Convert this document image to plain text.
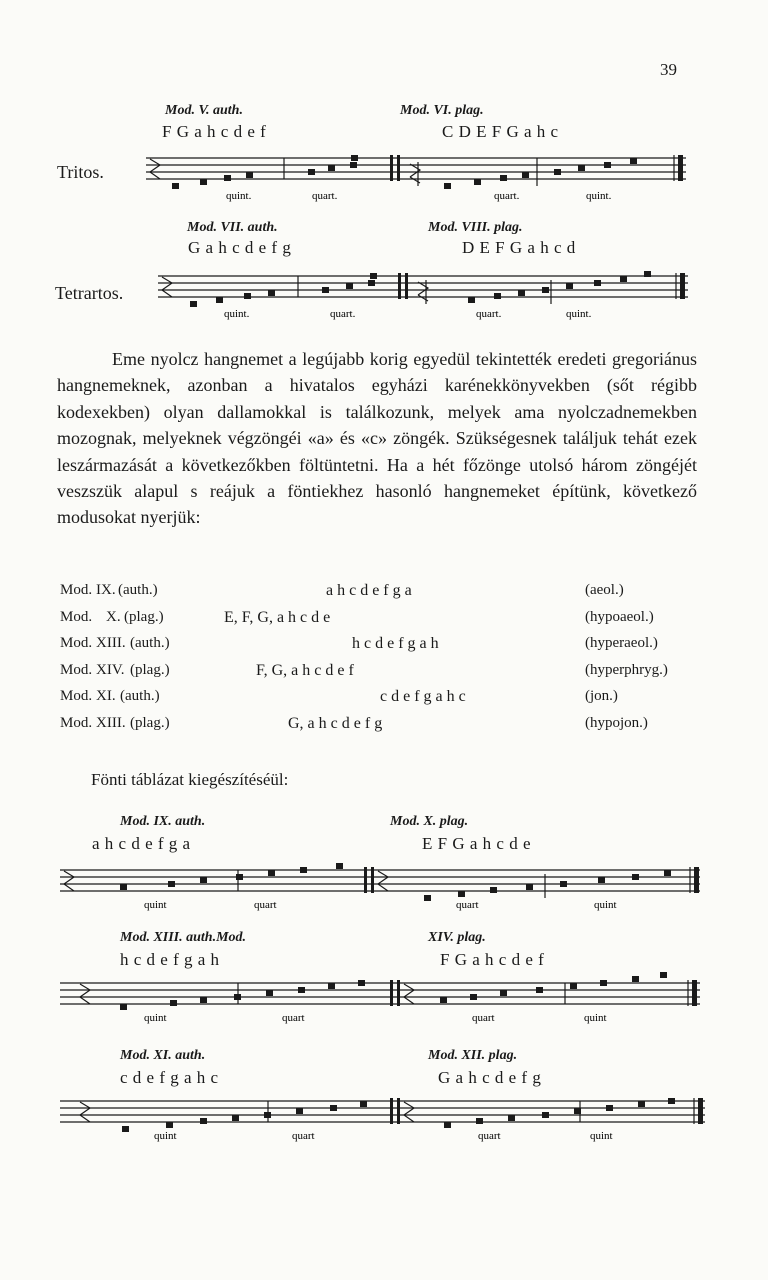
39
Mod. V. auth.
F G a h c d e f
Mod. VI. plag.
C D E F G a h c
Tritos.
quint.	quart.	quart.	quint.
Mod. VII. auth.
G a h c d e f g
Mod. VIII. plag.
D E F G a h c d
Tetrartos.
quint.	quart.	quart.	quint.

Eme nyolcz hangnemet a legújabb korig egyedül tekintették eredeti gregoriánus hangnemeknek, azonban a hivatalos egyházi karénekkönyvekben (sőt régibb kodexekben) olyan dallamokkal is találkozunk, melyek ama nyolczadnemekben mozognak, melyeknek végzöngéi «a» és «c» zöngék. Szükségesnek találjuk tehát ezek leszármazását a következőkben föltüntetni. Ha a hét főzönge utolsó három zöngéjét veszszük alapul s reájuk a föntiekhez hasonló hangnemeket építünk, következő modusokat nyerjük:

Mod. IX. (auth.)	a h c d e f g a	(aeol.)
Mod. X. (plag.)	E, F, G, a h c d e	(hypoaeol.)
Mod. XIII. (auth.)	h c d e f g a h	(hyperaeol.)
Mod. XIV. (plag.)	F, G, a h c d e f	(hyperphryg.)
Mod. XI. (auth.)	c d e f g a h c	(jon.)
Mod. XIII. (plag.)	G, a h c d e f g	(hypojon.)
Fönti táblázat kiegészítéséül:
Mod. IX. auth.
a h c d e f g a
Mod. X. plag.
E F G a h c d e
quint	quart	quart	quint
Mod. XIII. auth.Mod.
h c d e f g a h
XIV. plag.
F G a h c d e f
quint	quart	quart	quint
Mod. XI. auth.
c d e f g a h c
Mod. XII. plag.
G a h c d e f g
quint	quart	quart	quint
